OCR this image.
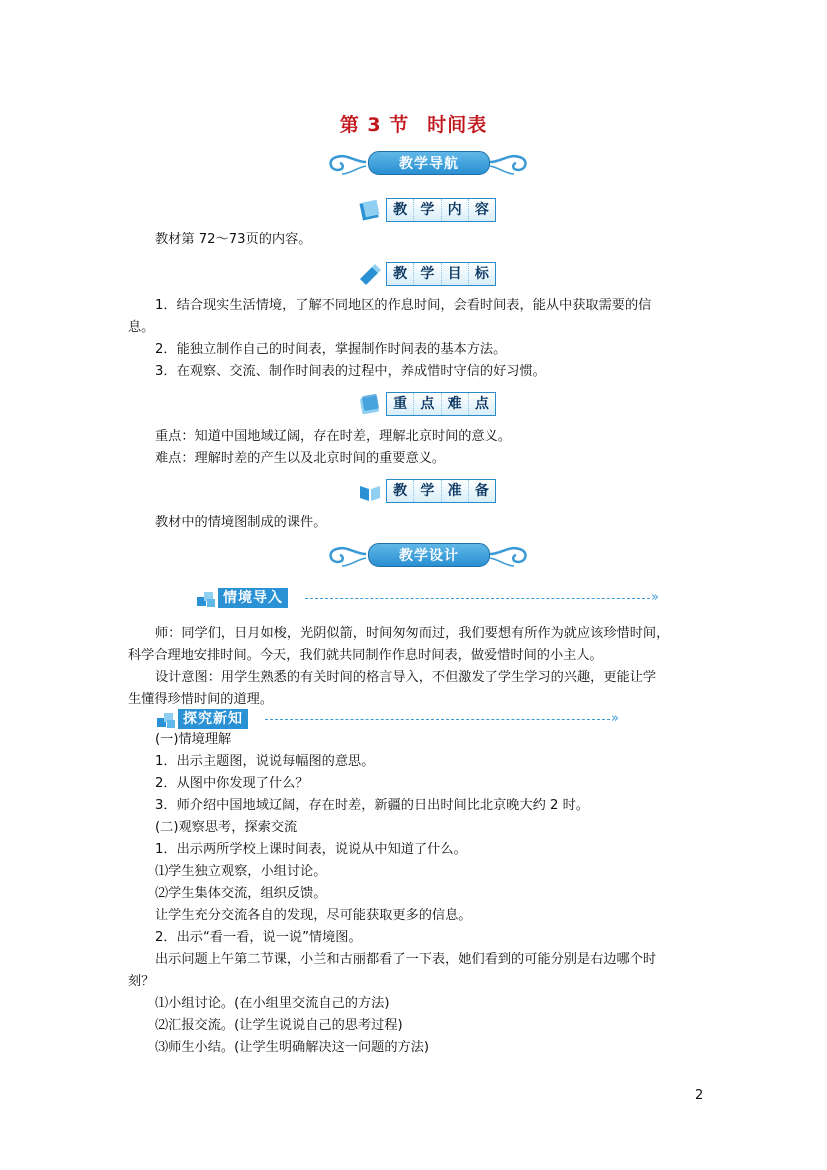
第 3 节 时间表
教学导航
教 学 内 容
教材第 72～73页的内容。
教 学 目 标
1．结合现实生活情境，了解不同地区的作息时间，会看时间表，能从中获取需要的信
息。
2．能独立制作自己的时间表，掌握制作时间表的基本方法。
3．在观察、交流、制作时间表的过程中，养成惜时守信的好习惯。
重 点 难 点
重点：知道中国地域辽阔，存在时差，理解北京时间的意义。
难点：理解时差的产生以及北京时间的重要意义。
教 学 准 备
教材中的情境图制成的课件。
教学设计
情境导入	»
师：同学们，日月如梭，光阴似箭，时间匆匆而过，我们要想有所作为就应该珍惜时间，
科学合理地安排时间。今天，我们就共同制作作息时间表，做爱惜时间的小主人。
设计意图：用学生熟悉的有关时间的格言导入，不但激发了学生学习的兴趣，更能让学
生懂得珍惜时间的道理。
探究新知	»
(一)情境理解
1．出示主题图，说说每幅图的意思。
2．从图中你发现了什么？
3．师介绍中国地域辽阔，存在时差，新疆的日出时间比北京晚大约 2 时。
(二)观察思考，探索交流
1．出示两所学校上课时间表，说说从中知道了什么。
⑴学生独立观察，小组讨论。
⑵学生集体交流，组织反馈。
让学生充分交流各自的发现，尽可能获取更多的信息。
2．出示“看一看，说一说”情境图。
出示问题上午第二节课，小兰和古丽都看了一下表，她们看到的可能分别是右边哪个时
刻？
⑴小组讨论。(在小组里交流自己的方法)
⑵汇报交流。(让学生说说自己的思考过程)
⑶师生小结。(让学生明确解决这一问题的方法)
2
